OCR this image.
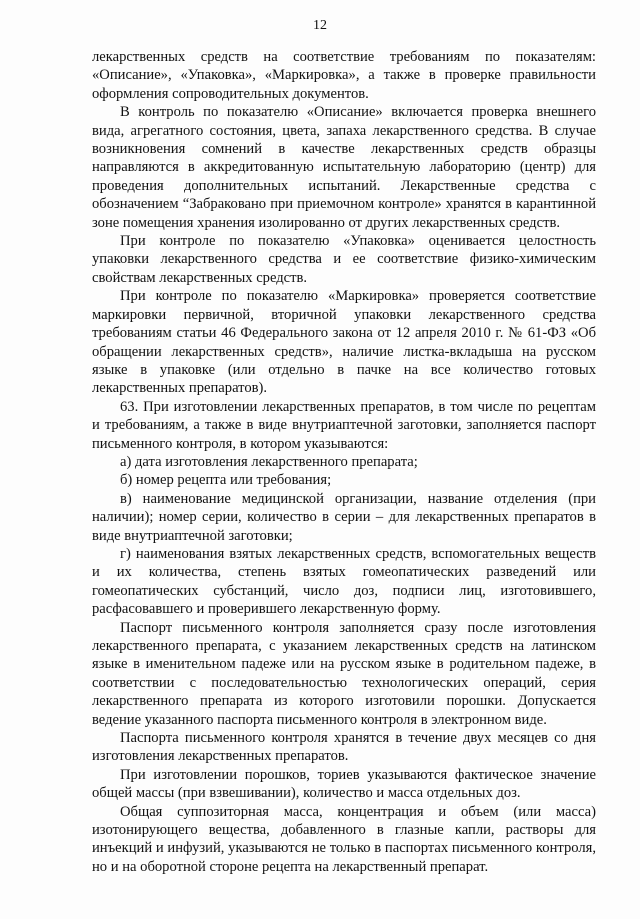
12

лекарственных средств на соответствие требованиям по показателям: «Описание», «Упаковка», «Маркировка», а также в проверке правильности оформления сопроводительных документов.

В контроль по показателю «Описание» включается проверка внешнего вида, агрегатного состояния, цвета, запаха лекарственного средства. В случае возникновения сомнений в качестве лекарственных средств образцы направляются в аккредитованную испытательную лабораторию (центр) для проведения дополнительных испытаний. Лекарственные средства с обозначением “Забраковано при приемочном контроле» хранятся в карантинной зоне помещения хранения изолированно от других лекарственных средств.

При контроле по показателю «Упаковка» оценивается целостность упаковки лекарственного средства и ее соответствие физико-химическим свойствам лекарственных средств.

При контроле по показателю «Маркировка» проверяется соответствие маркировки первичной, вторичной упаковки лекарственного средства требованиям статьи 46 Федерального закона от 12 апреля 2010 г. № 61-ФЗ «Об обращении лекарственных средств», наличие листка-вкладыша на русском языке в упаковке (или отдельно в пачке на все количество готовых лекарственных препаратов).

63. При изготовлении лекарственных препаратов, в том числе по рецептам и требованиям, а также в виде внутриаптечной заготовки, заполняется паспорт письменного контроля, в котором указываются:

а) дата изготовления лекарственного препарата;

б) номер рецепта или требования;

в) наименование медицинской организации, название отделения (при наличии); номер серии, количество в серии – для лекарственных препаратов в виде внутриаптечной заготовки;

г) наименования взятых лекарственных средств, вспомогательных веществ и их количества, степень взятых гомеопатических разведений или гомеопатических субстанций, число доз, подписи лиц, изготовившего, расфасовавшего и проверившего лекарственную форму.

Паспорт письменного контроля заполняется сразу после изготовления лекарственного препарата, с указанием лекарственных средств на латинском языке в именительном падеже или на русском языке в родительном падеже, в соответствии с последовательностью технологических операций, серия лекарственного препарата из которого изготовили порошки. Допускается ведение указанного паспорта письменного контроля в электронном виде.

Паспорта письменного контроля хранятся в течение двух месяцев со дня изготовления лекарственных препаратов.

При изготовлении порошков, ториев указываются фактическое значение общей массы (при взвешивании), количество и масса отдельных доз.

Общая суппозиторная масса, концентрация и объем (или масса) изотонирующего вещества, добавленного в глазные капли, растворы для инъекций и инфузий, указываются не только в паспортах письменного контроля, но и на оборотной стороне рецепта на лекарственный препарат.
